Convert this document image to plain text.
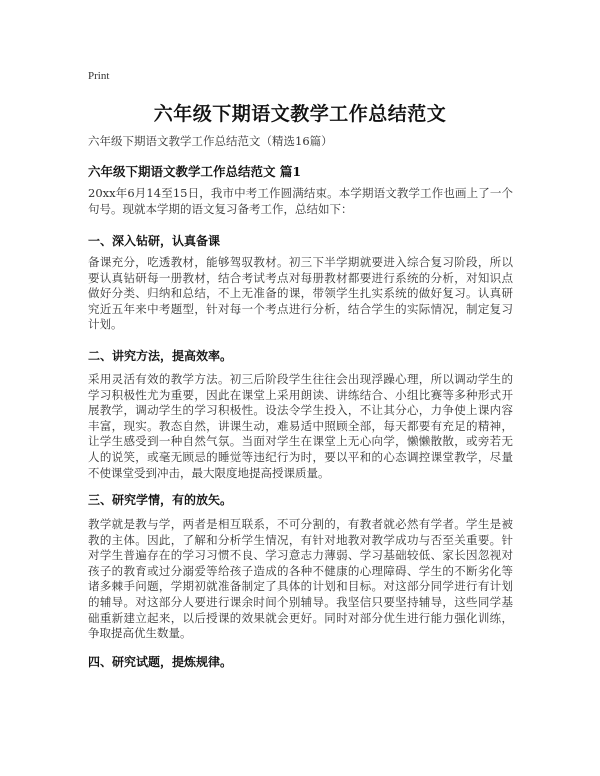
Print
六年级下期语文教学工作总结范文
六年级下期语文教学工作总结范文（精选16篇）
六年级下期语文教学工作总结范文 篇1

20xx年6月14至15日，我市中考工作圆满结束。本学期语文教学工作也画上了一个句号。现就本学期的语文复习备考工作，总结如下：

一、深入钻研，认真备课

备课充分，吃透教材，能够驾驭教材。初三下半学期就要进入综合复习阶段，所以要认真钻研每一册教材，结合考试考点对每册教材都要进行系统的分析，对知识点做好分类、归纳和总结，不上无准备的课，带领学生扎实系统的做好复习。认真研究近五年来中考题型，针对每一个考点进行分析，结合学生的实际情况，制定复习计划。

二、讲究方法，提高效率。

采用灵活有效的教学方法。初三后阶段学生往往会出现浮躁心理，所以调动学生的学习积极性尤为重要，因此在课堂上采用朗读、讲练结合、小组比赛等多种形式开展教学，调动学生的学习积极性。设法令学生投入，不让其分心，力争使上课内容丰富，现实。教态自然，讲课生动，难易适中照顾全部，每天都要有充足的精神，让学生感受到一种自然气氛。当面对学生在课堂上无心向学，懒懒散散，或旁若无人的说笑，或毫无顾忌的睡觉等违纪行为时，要以平和的心态调控课堂教学，尽量不使课堂受到冲击，最大限度地提高授课质量。

三、研究学情，有的放矢。

教学就是教与学，两者是相互联系，不可分割的，有教者就必然有学者。学生是被教的主体。因此，了解和分析学生情况，有针对地教对教学成功与否至关重要。针对学生普遍存在的学习习惯不良、学习意志力薄弱、学习基础较低、家长因忽视对孩子的教育或过分溺爱等给孩子造成的各种不健康的心理障碍、学生的不断劣化等诸多棘手问题，学期初就准备制定了具体的计划和目标。对这部分同学进行有计划的辅导。对这部分人要进行课余时间个别辅导。我坚信只要坚持辅导，这些同学基础重新建立起来，以后授课的效果就会更好。同时对部分优生进行能力强化训练，争取提高优生数量。

四、研究试题，提炼规律。
